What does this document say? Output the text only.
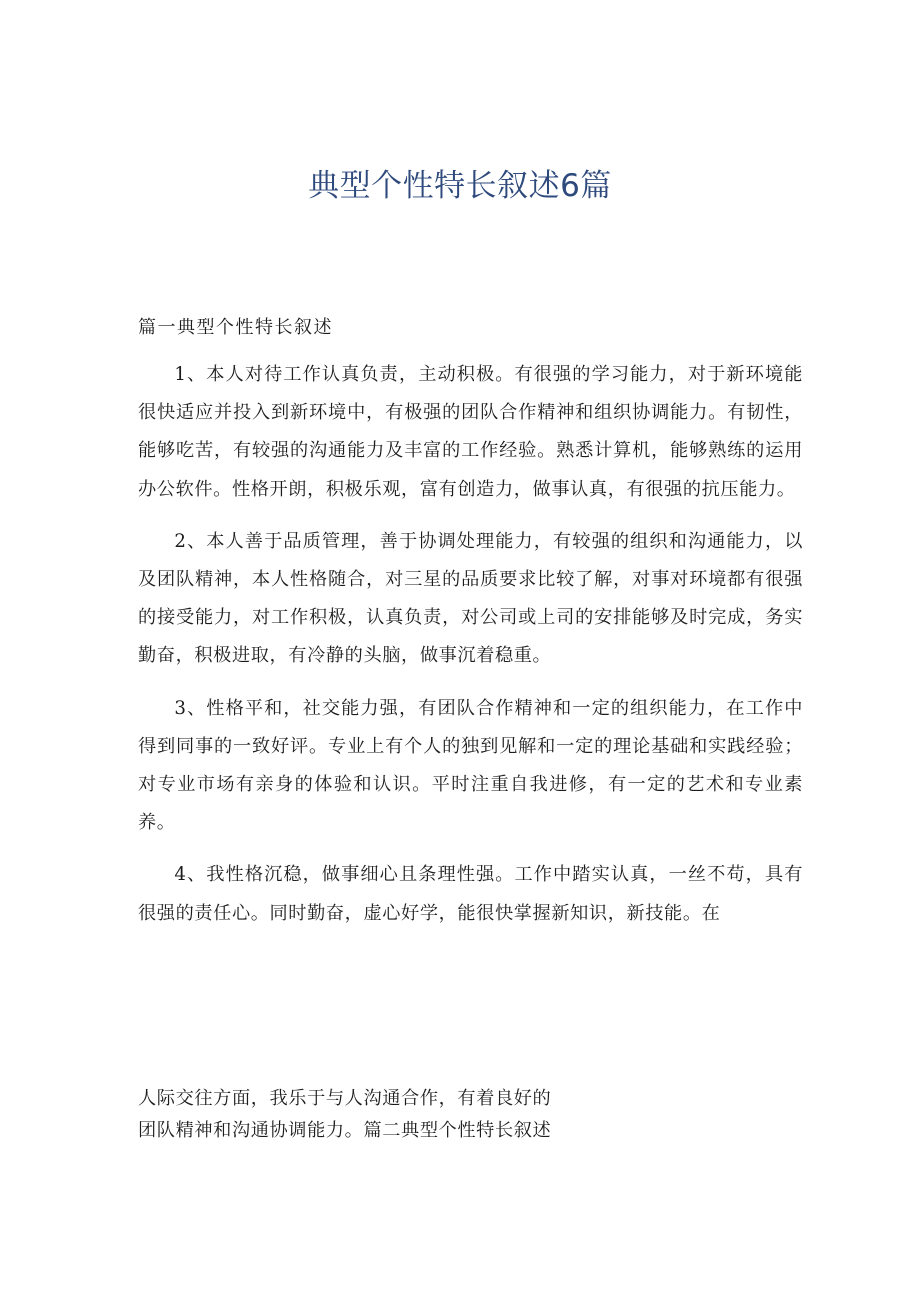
典型个性特长叙述6篇

篇一典型个性特长叙述

1、本人对待工作认真负责，主动积极。有很强的学习能力，对于新环境能很快适应并投入到新环境中，有极强的团队合作精神和组织协调能力。有韧性，能够吃苦，有较强的沟通能力及丰富的工作经验。熟悉计算机，能够熟练的运用办公软件。性格开朗，积极乐观，富有创造力，做事认真，有很强的抗压能力。

2、本人善于品质管理，善于协调处理能力，有较强的组织和沟通能力，以及团队精神，本人性格随合，对三星的品质要求比较了解，对事对环境都有很强的接受能力，对工作积极，认真负责，对公司或上司的安排能够及时完成，务实勤奋，积极进取，有冷静的头脑，做事沉着稳重。

3、性格平和，社交能力强，有团队合作精神和一定的组织能力，在工作中得到同事的一致好评。专业上有个人的独到见解和一定的理论基础和实践经验；对专业市场有亲身的体验和认识。平时注重自我进修，有一定的艺术和专业素养。

4、我性格沉稳，做事细心且条理性强。工作中踏实认真，一丝不苟，具有很强的责任心。同时勤奋，虚心好学，能很快掌握新知识，新技能。在

人际交往方面，我乐于与人沟通合作，有着良好的

团队精神和沟通协调能力。篇二典型个性特长叙述
